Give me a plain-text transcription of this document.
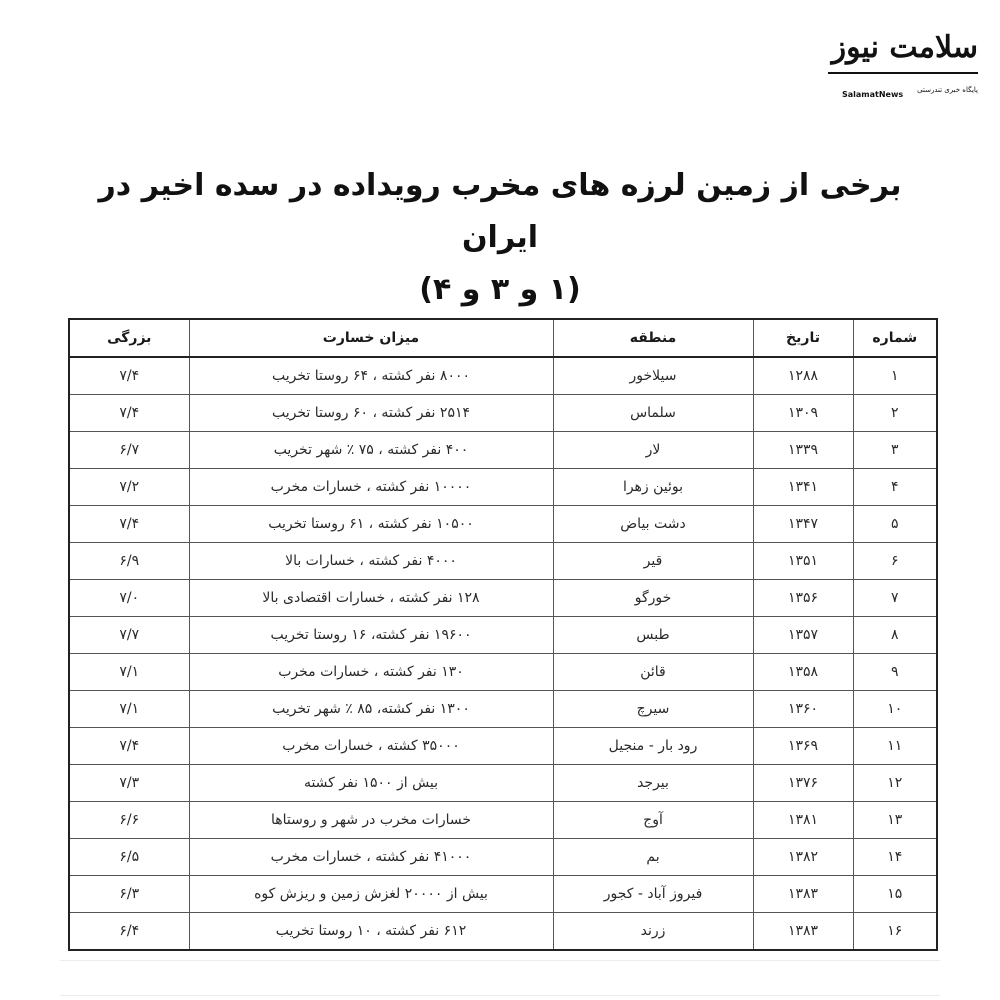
سلامت نیوز
پایگاه خبری تندرستی
SalamatNews
برخی از زمین لرزه های مخرب رویداده در سده اخیر در ایران
(۱ و ۳ و ۴)
شماره	تاریخ	منطقه	میزان خسارت	بزرگی
۱	۱۲۸۸	سیلاخور	۸۰۰۰ نفر کشته ، ۶۴ روستا تخریب	۷/۴
۲	۱۳۰۹	سلماس	۲۵۱۴ نفر کشته ، ۶۰ روستا تخریب	۷/۴
۳	۱۳۳۹	لار	۴۰۰ نفر کشته ، ۷۵ ٪ شهر تخریب	۶/۷
۴	۱۳۴۱	بوئین زهرا	۱۰۰۰۰ نفر کشته ، خسارات مخرب	۷/۲
۵	۱۳۴۷	دشت بیاض	۱۰۵۰۰ نفر کشته ، ۶۱ روستا تخریب	۷/۴
۶	۱۳۵۱	قیر	۴۰۰۰ نفر کشته ، خسارات بالا	۶/۹
۷	۱۳۵۶	خورگو	۱۲۸ نفر کشته ، خسارات اقتصادی بالا	۷/۰
۸	۱۳۵۷	طبس	۱۹۶۰۰ نفر کشته، ۱۶ روستا تخریب	۷/۷
۹	۱۳۵۸	قائن	۱۳۰ نفر کشته ، خسارات مخرب	۷/۱
۱۰	۱۳۶۰	سیرچ	۱۳۰۰ نفر کشته، ۸۵ ٪ شهر تخریب	۷/۱
۱۱	۱۳۶۹	رود بار - منجیل	۳۵۰۰۰ کشته ، خسارات مخرب	۷/۴
۱۲	۱۳۷۶	بیرجد	بیش از ۱۵۰۰ نفر کشته	۷/۳
۱۳	۱۳۸۱	آوج	خسارات مخرب در شهر و روستاها	۶/۶
۱۴	۱۳۸۲	بم	۴۱۰۰۰ نفر کشته ، خسارات مخرب	۶/۵
۱۵	۱۳۸۳	فیروز آباد - کجور	بیش از ۲۰۰۰۰ لغزش زمین و ریزش کوه	۶/۳
۱۶	۱۳۸۳	زرند	۶۱۲ نفر کشته ، ۱۰ روستا تخریب	۶/۴
